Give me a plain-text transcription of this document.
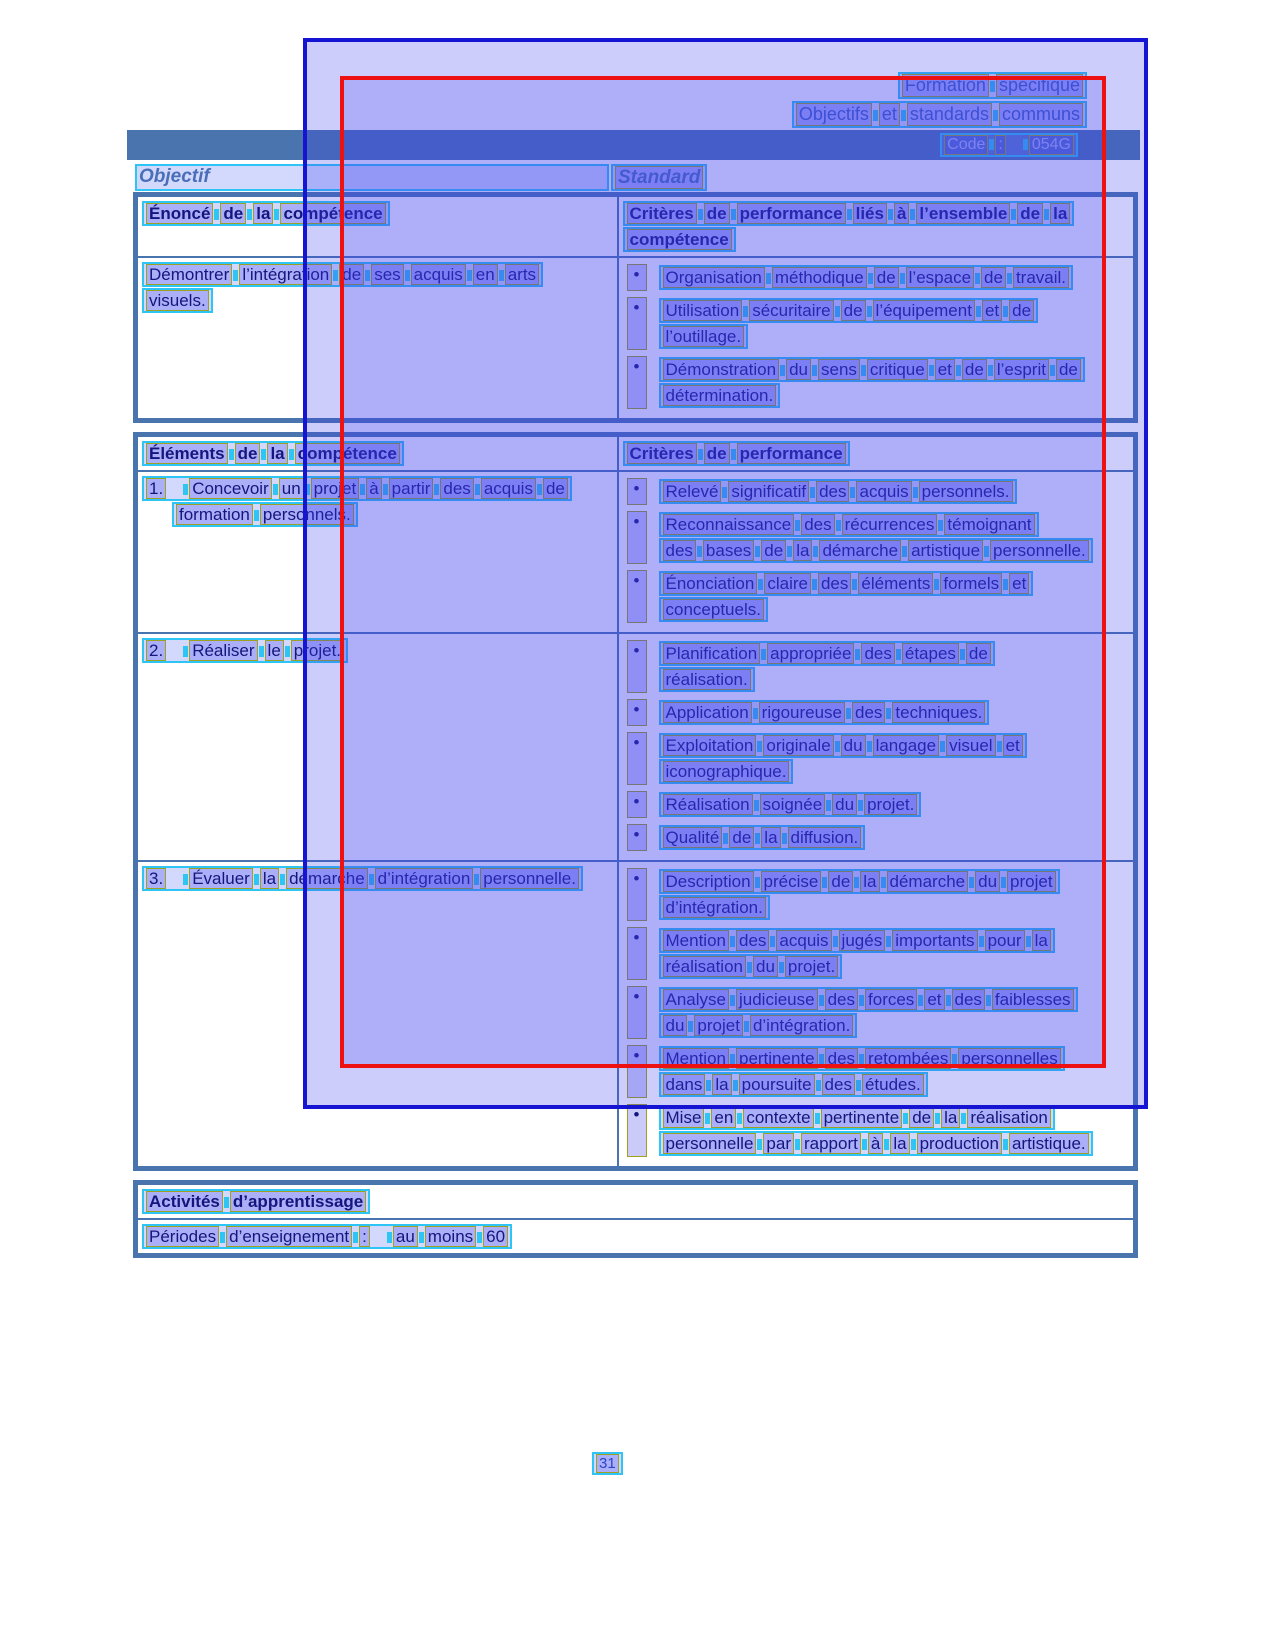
Formation spécifique
Objectifs et standards communs
Code : 054G
Objectif	Standard
Énoncé de la compétence	Critères de performance liés à l’ensemble de la
compétence

Démontrer l’intégration de ses acquis en arts
visuels.

•	Organisation méthodique de l’espace de travail.
•	Utilisation sécuritaire de l’équipement et de
l’outillage.
•	Démonstration du sens critique et de l’esprit de
détermination.
Éléments de la compétence	Critères de performance

1. Concevoir un projet à partir des acquis de
formation personnels.

•	Relevé significatif des acquis personnels.
•	Reconnaissance des récurrences témoignant
des bases de la démarche artistique personnelle.
•	Énonciation claire des éléments formels et
conceptuels.

2. Réaliser le projet.	•	Planification appropriée des étapes de
réalisation.
•	Application rigoureuse des techniques.
•	Exploitation originale du langage visuel et
iconographique.
•	Réalisation soignée du projet.
•	Qualité de la diffusion.

3. Évaluer la démarche d’intégration personnelle.	•	Description précise de la démarche du projet
d’intégration.
•	Mention des acquis jugés importants pour la
réalisation du projet.
•	Analyse judicieuse des forces et des faiblesses
du projet d’intégration.
•	Mention pertinente des retombées personnelles
dans la poursuite des études.
•	Mise en contexte pertinente de la réalisation
personnelle par rapport à la production artistique.
Activités d’apprentissage

Périodes d’enseignement : au moins 60
31
